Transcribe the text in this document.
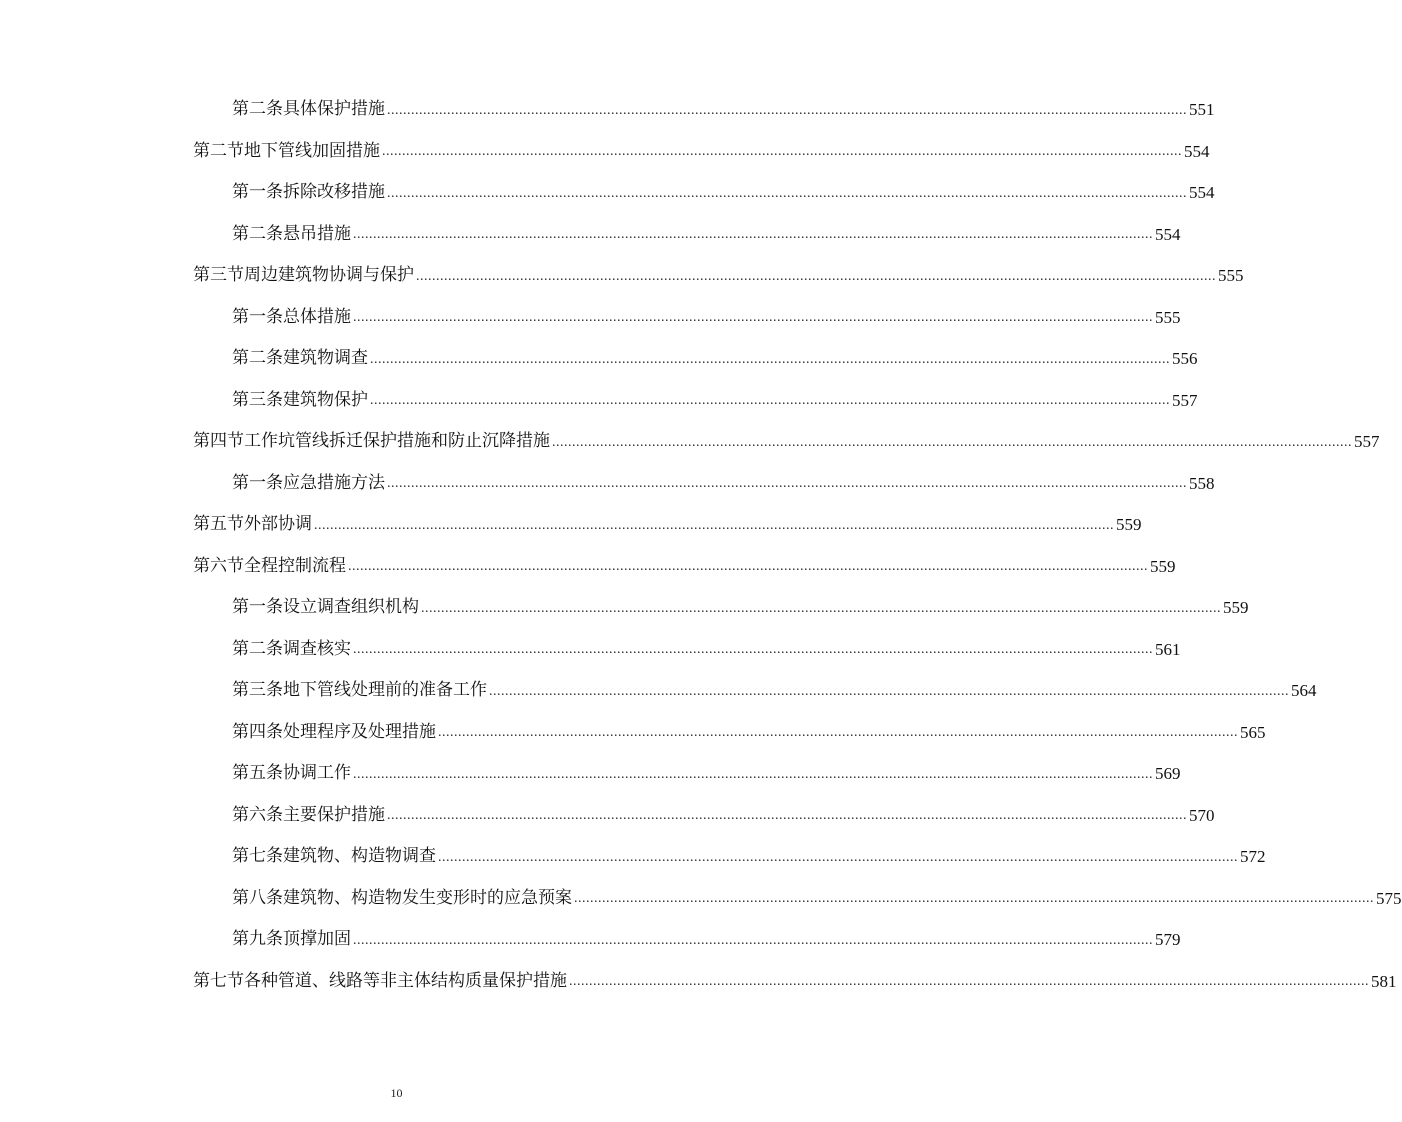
第二条 具体保护措施 ........................................................................................................................................................................................................ 551
第二节 地下管线加固措施 ........................................................................................................................................................................................................ 554
第一条 拆除改移措施 ........................................................................................................................................................................................................ 554
第二条 悬吊措施 ........................................................................................................................................................................................................ 554
第三节 周边建筑物协调与保护 ........................................................................................................................................................................................................ 555
第一条 总体措施 ........................................................................................................................................................................................................ 555
第二条 建筑物调查 ........................................................................................................................................................................................................ 556
第三条 建筑物保护 ........................................................................................................................................................................................................ 557
第四节 工作坑管线拆迁保护措施和防止沉降措施 ........................................................................................................................................................................................................ 557
第一条 应急措施方法 ........................................................................................................................................................................................................ 558
第五节 外部协调 ........................................................................................................................................................................................................ 559
第六节 全程控制流程 ........................................................................................................................................................................................................ 559
第一条 设立调查组织机构 ........................................................................................................................................................................................................ 559
第二条 调查核实 ........................................................................................................................................................................................................ 561
第三条 地下管线处理前的准备工作 ........................................................................................................................................................................................................ 564
第四条 处理程序及处理措施 ........................................................................................................................................................................................................ 565
第五条 协调工作 ........................................................................................................................................................................................................ 569
第六条 主要保护措施 ........................................................................................................................................................................................................ 570
第七条 建筑物、构造物调查 ........................................................................................................................................................................................................ 572
第八条 建筑物、构造物发生变形时的应急预案 ........................................................................................................................................................................................................ 575
第九条 顶撑加固 ........................................................................................................................................................................................................ 579
第七节 各种管道、线路等非主体结构质量保护措施 ........................................................................................................................................................................................................ 581
10
